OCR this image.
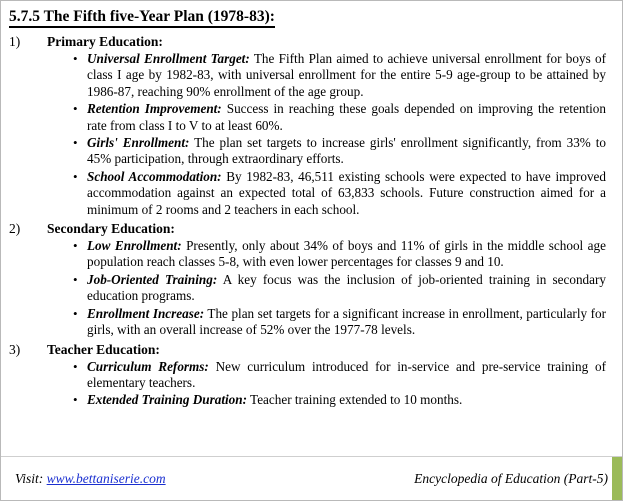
5.7.5 The Fifth five-Year Plan (1978-83):
1)	Primary Education:
• Universal Enrollment Target: The Fifth Plan aimed to achieve universal enrollment for boys of class I age by 1982-83, with universal enrollment for the entire 5-9 age-group to be attained by 1986-87, reaching 90% enrollment of the age group.
• Retention Improvement: Success in reaching these goals depended on improving the retention rate from class I to V to at least 60%.
• Girls' Enrollment: The plan set targets to increase girls' enrollment significantly, from 33% to 45% participation, through extraordinary efforts.
• School Accommodation: By 1982-83, 46,511 existing schools were expected to have improved accommodation against an expected total of 63,833 schools. Future construction aimed for a minimum of 2 rooms and 2 teachers in each school.
2)	Secondary Education:
• Low Enrollment: Presently, only about 34% of boys and 11% of girls in the middle school age population reach classes 5-8, with even lower percentages for classes 9 and 10.
• Job-Oriented Training: A key focus was the inclusion of job-oriented training in secondary education programs.
• Enrollment Increase: The plan set targets for a significant increase in enrollment, particularly for girls, with an overall increase of 52% over the 1977-78 levels.
3)	Teacher Education:
• Curriculum Reforms: New curriculum introduced for in-service and pre-service training of elementary teachers.
• Extended Training Duration: Teacher training extended to 10 months.
Visit: www.bettaniserie.com	Encyclopedia of Education (Part-5)
